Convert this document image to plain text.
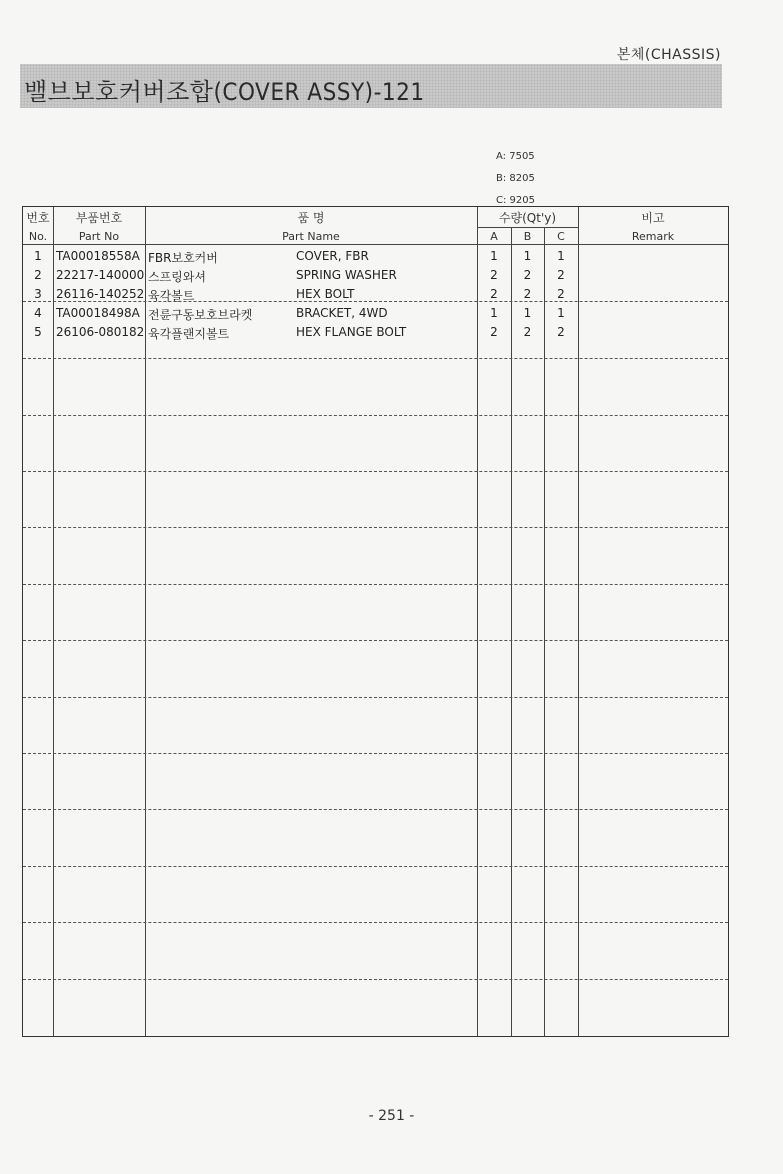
본체(CHASSIS)
밸브보호커버조합(COVER ASSY)-121
A: 7505
B: 8205
C: 9205
번호
No.
부품번호
Part No
품 명
Part Name
수량(Qt'y)
A	B	C
비고
Remark
1	TA00018558A FBR보호커버	COVER, FBR	1	1	1
2	22217-140000 스프링와셔	SPRING WASHER	2	2	2
3	26116-140252 육각볼트	HEX BOLT	2	2	2
4	TA00018498A 전륜구동보호브라켓	BRACKET, 4WD	1	1	1
5	26106-080182 육각플랜지볼트	HEX FLANGE BOLT	2	2	2
- 251 -
